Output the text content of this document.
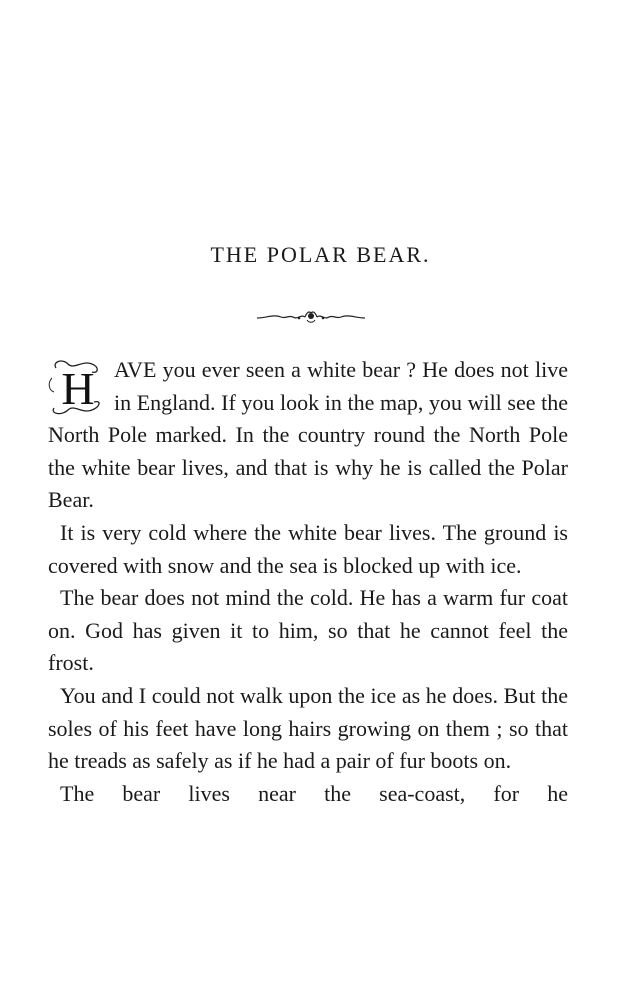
THE POLAR BEAR.

H AVE you ever seen a white bear ? He does not live in England. If you look in the map, you will see the North Pole marked. In the country round the North Pole the white bear lives, and that is why he is called the Polar Bear.

It is very cold where the white bear lives. The ground is covered with snow and the sea is blocked up with ice.

The bear does not mind the cold. He has a warm fur coat on. God has given it to him, so that he cannot feel the frost.

You and I could not walk upon the ice as he does. But the soles of his feet have long hairs growing on them ; so that he treads as safely as if he had a pair of fur boots on.

The bear lives near the sea-coast, for he
